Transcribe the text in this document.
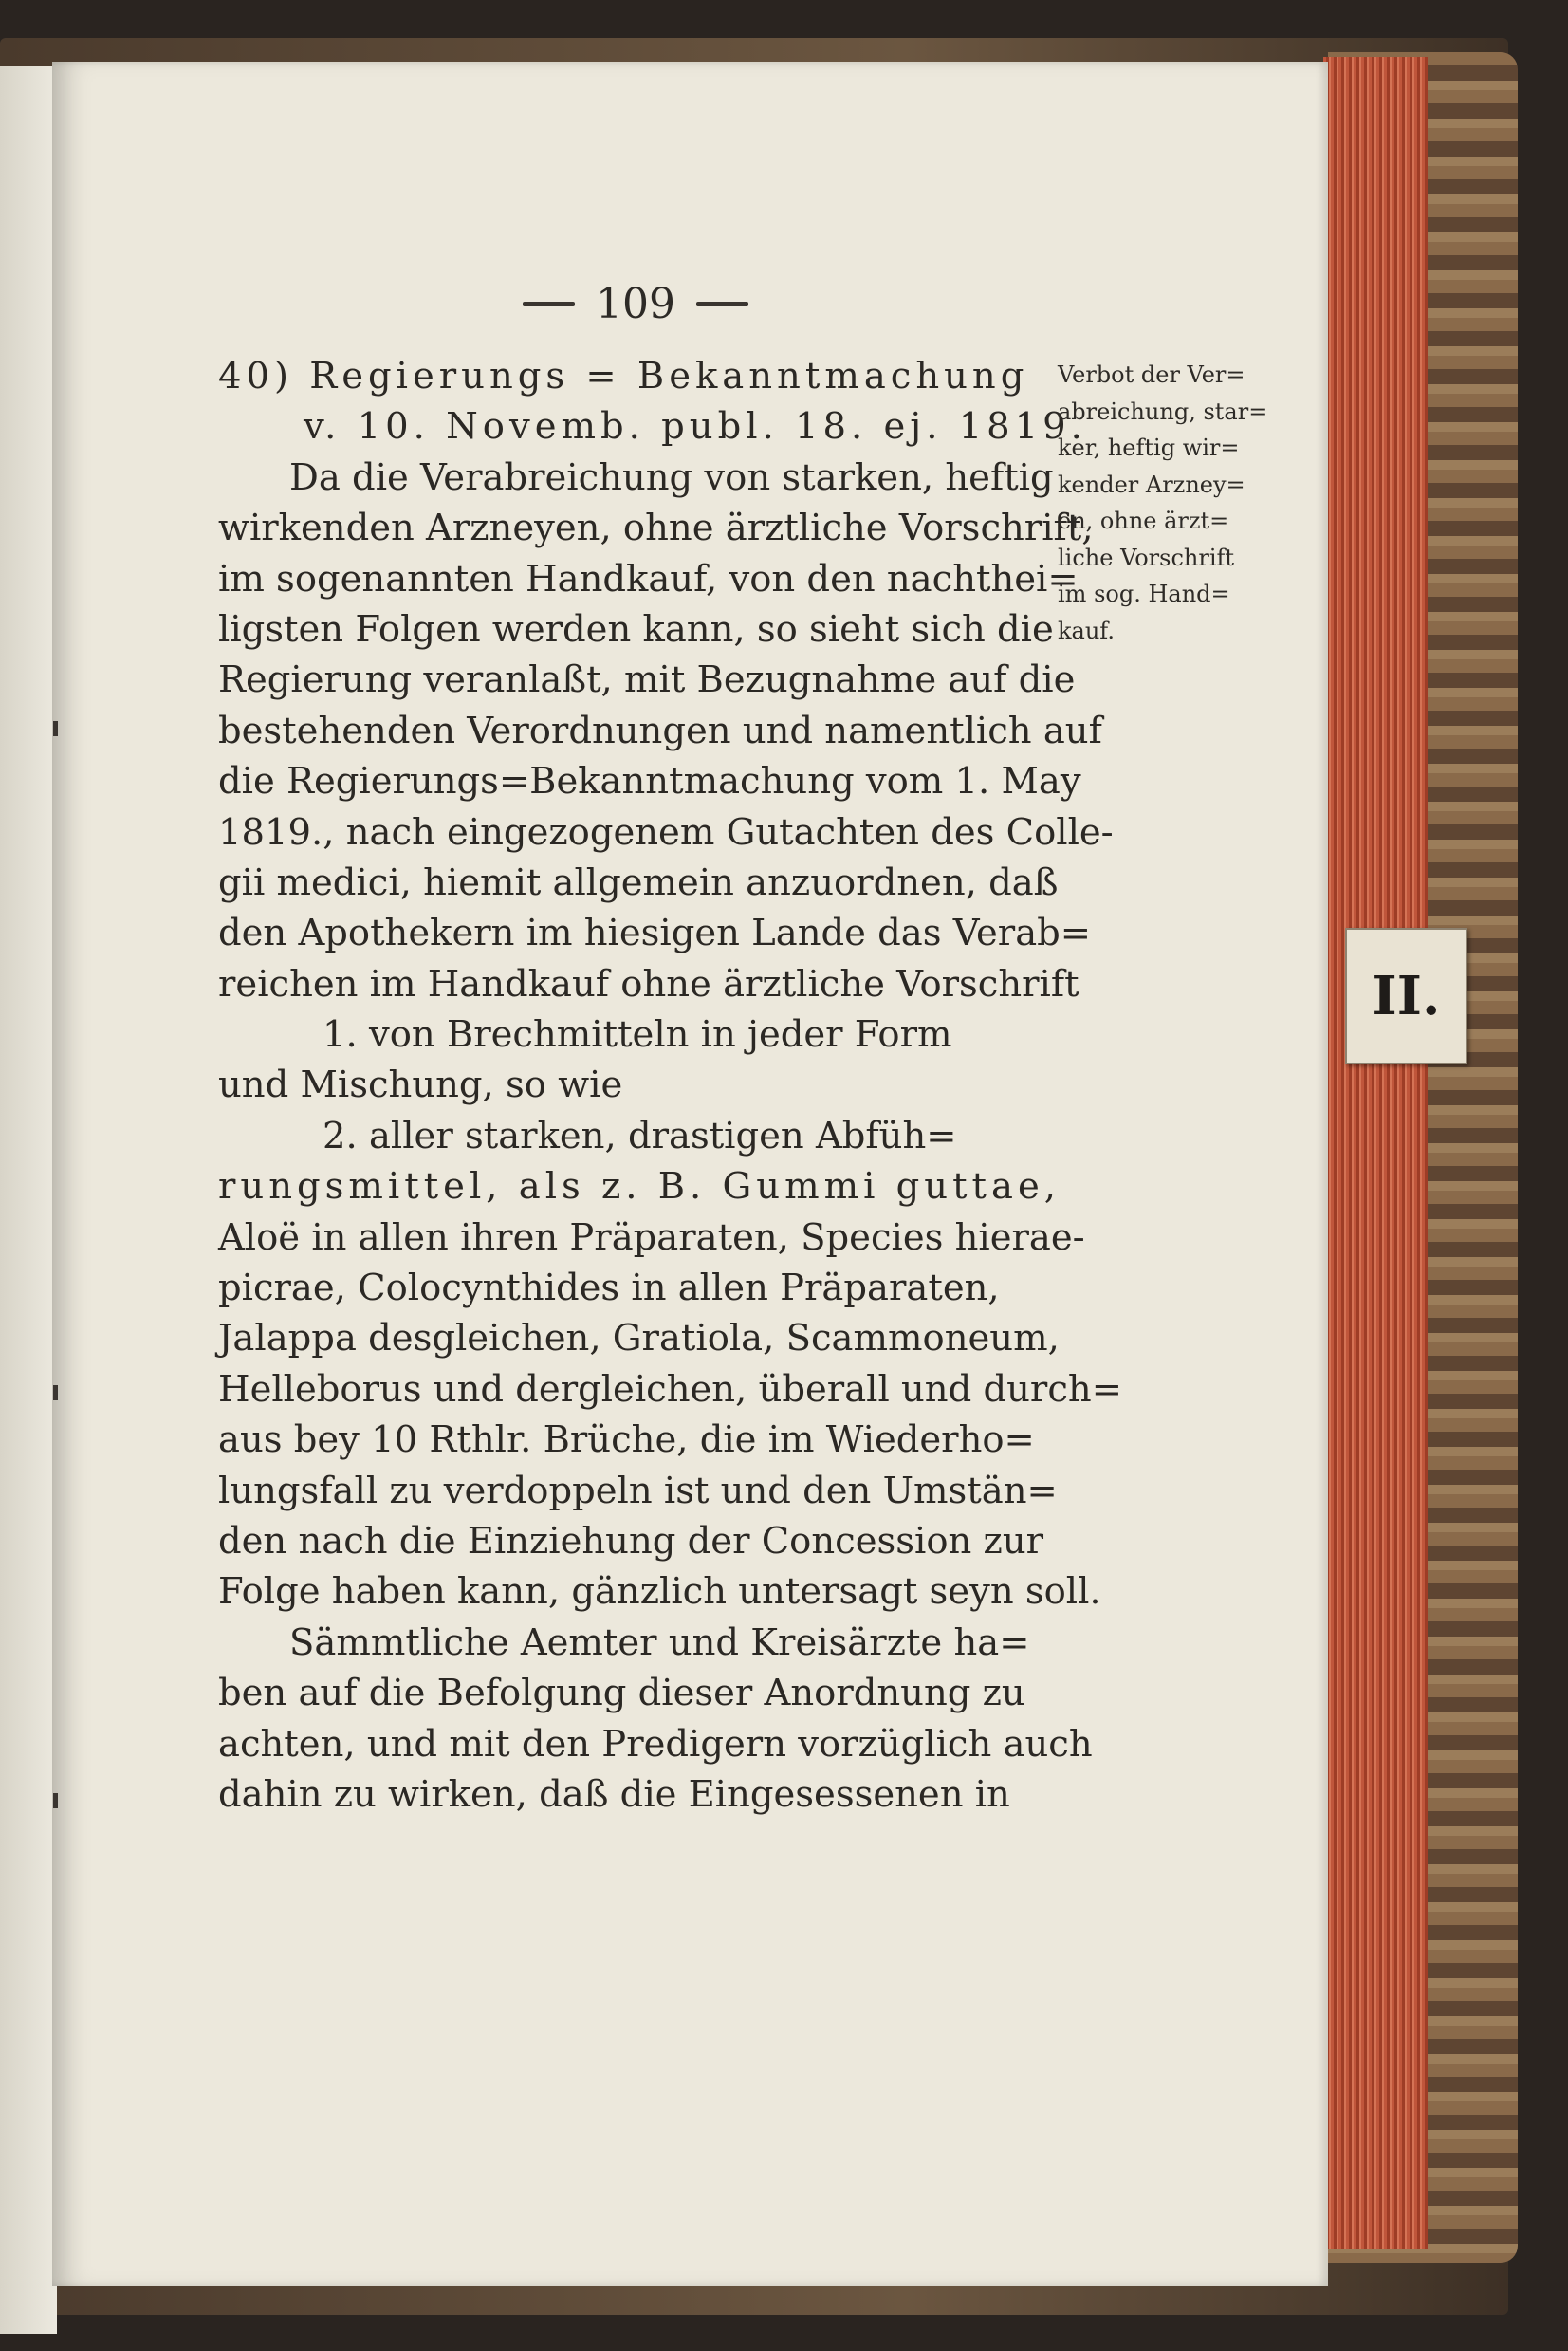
109
40) Regierungs = Bekanntmachung
v. 10. Novemb. publ. 18. ej. 1819.
Da die Verabreichung von starken, heftig
wirkenden Arzneyen, ohne ärztliche Vorschrift,
im sogenannten Handkauf, von den nachthei=
ligsten Folgen werden kann, so sieht sich die
Regierung veranlaßt, mit Bezugnahme auf die
bestehenden Verordnungen und namentlich auf
die Regierungs=Bekanntmachung vom 1. May
1819., nach eingezogenem Gutachten des Colle-
gii medici, hiemit allgemein anzuordnen, daß
den Apothekern im hiesigen Lande das Verab=
reichen im Handkauf ohne ärztliche Vorschrift
1. von Brechmitteln in jeder Form
und Mischung, so wie
2. aller starken, drastigen Abfüh=
rungsmittel, als z. B. Gummi guttae,
Aloë in allen ihren Präparaten, Species hierae-
picrae, Colocynthides in allen Präparaten,
Jalappa desgleichen, Gratiola, Scammoneum,
Helleborus und dergleichen, überall und durch=
aus bey 10 Rthlr. Brüche, die im Wiederho=
lungsfall zu verdoppeln ist und den Umstän=
den nach die Einziehung der Concession zur
Folge haben kann, gänzlich untersagt seyn soll.
Sämmtliche Aemter und Kreisärzte ha=
ben auf die Befolgung dieser Anordnung zu
achten, und mit den Predigern vorzüglich auch
dahin zu wirken, daß die Eingesessenen in
Verbot der Ver=
abreichung, star=
ker, heftig wir=
kender Arzney=
en, ohne ärzt=
liche Vorschrift
im sog. Hand=
kauf.
II.
